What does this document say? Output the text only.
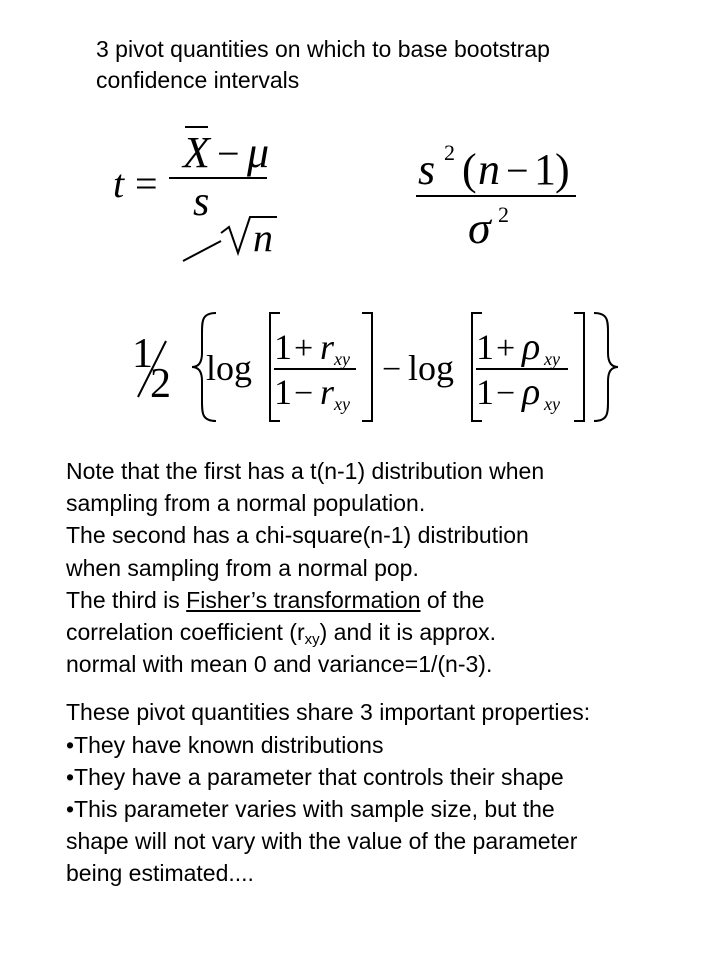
3 pivot quantities on which to base bootstrap
confidence intervals
t =
X − μ
s
n
s 2 ( n − 1 )
σ 2
1
2 log
1 + r xy
1 − r xy
− log
1 + ρ xy
1 − ρ xy

Note that the first has a t(n-1) distribution when

sampling from a normal population.

The second has a chi-square(n-1) distribution

when sampling from a normal pop.

The third is Fisher’s transformation of the

correlation coefficient $(r_{xy})$ and it is approx.

normal with mean 0 and variance=1/(n-3).

These pivot quantities share 3 important properties:

•They have known distributions

•They have a parameter that controls their shape

•This parameter varies with sample size, but the

shape will not vary with the value of the parameter

being estimated....
